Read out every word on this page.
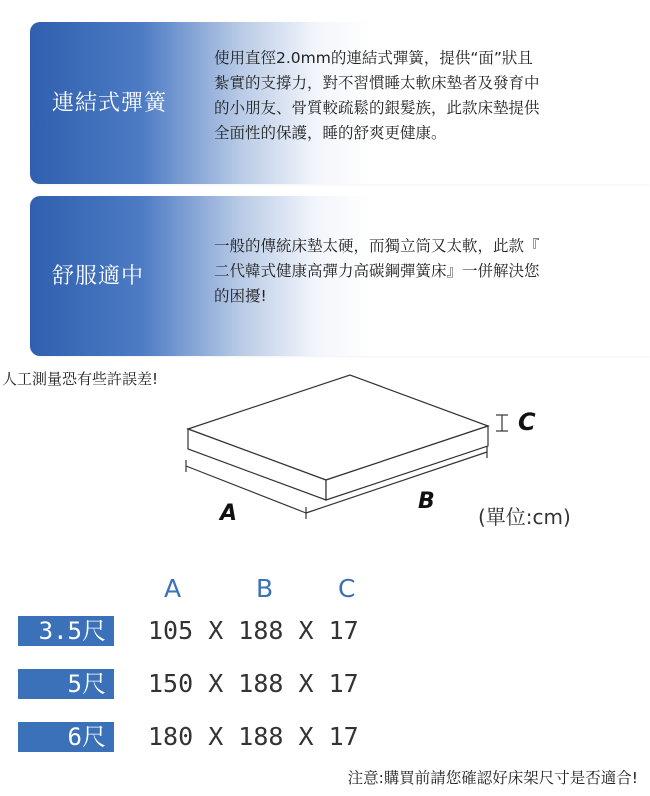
連結式彈簧
使用直徑2.0mm的連結式彈簧，提供“面”狀且
紮實的支撐力，對不習慣睡太軟床墊者及發育中
的小朋友、骨質較疏鬆的銀髮族，此款床墊提供
全面性的保護，睡的舒爽更健康。
舒服適中
一般的傳統床墊太硬，而獨立筒又太軟，此款『
二代韓式健康高彈力高碳鋼彈簧床』一併解決您
的困擾!
人工測量恐有些許誤差!
A	B
C
(單位:cm)
A	B	C
3.5尺	105 X 188 X 17
5尺	150 X 188 X 17
6尺	180 X 188 X 17
注意:購買前請您確認好床架尺寸是否適合!
